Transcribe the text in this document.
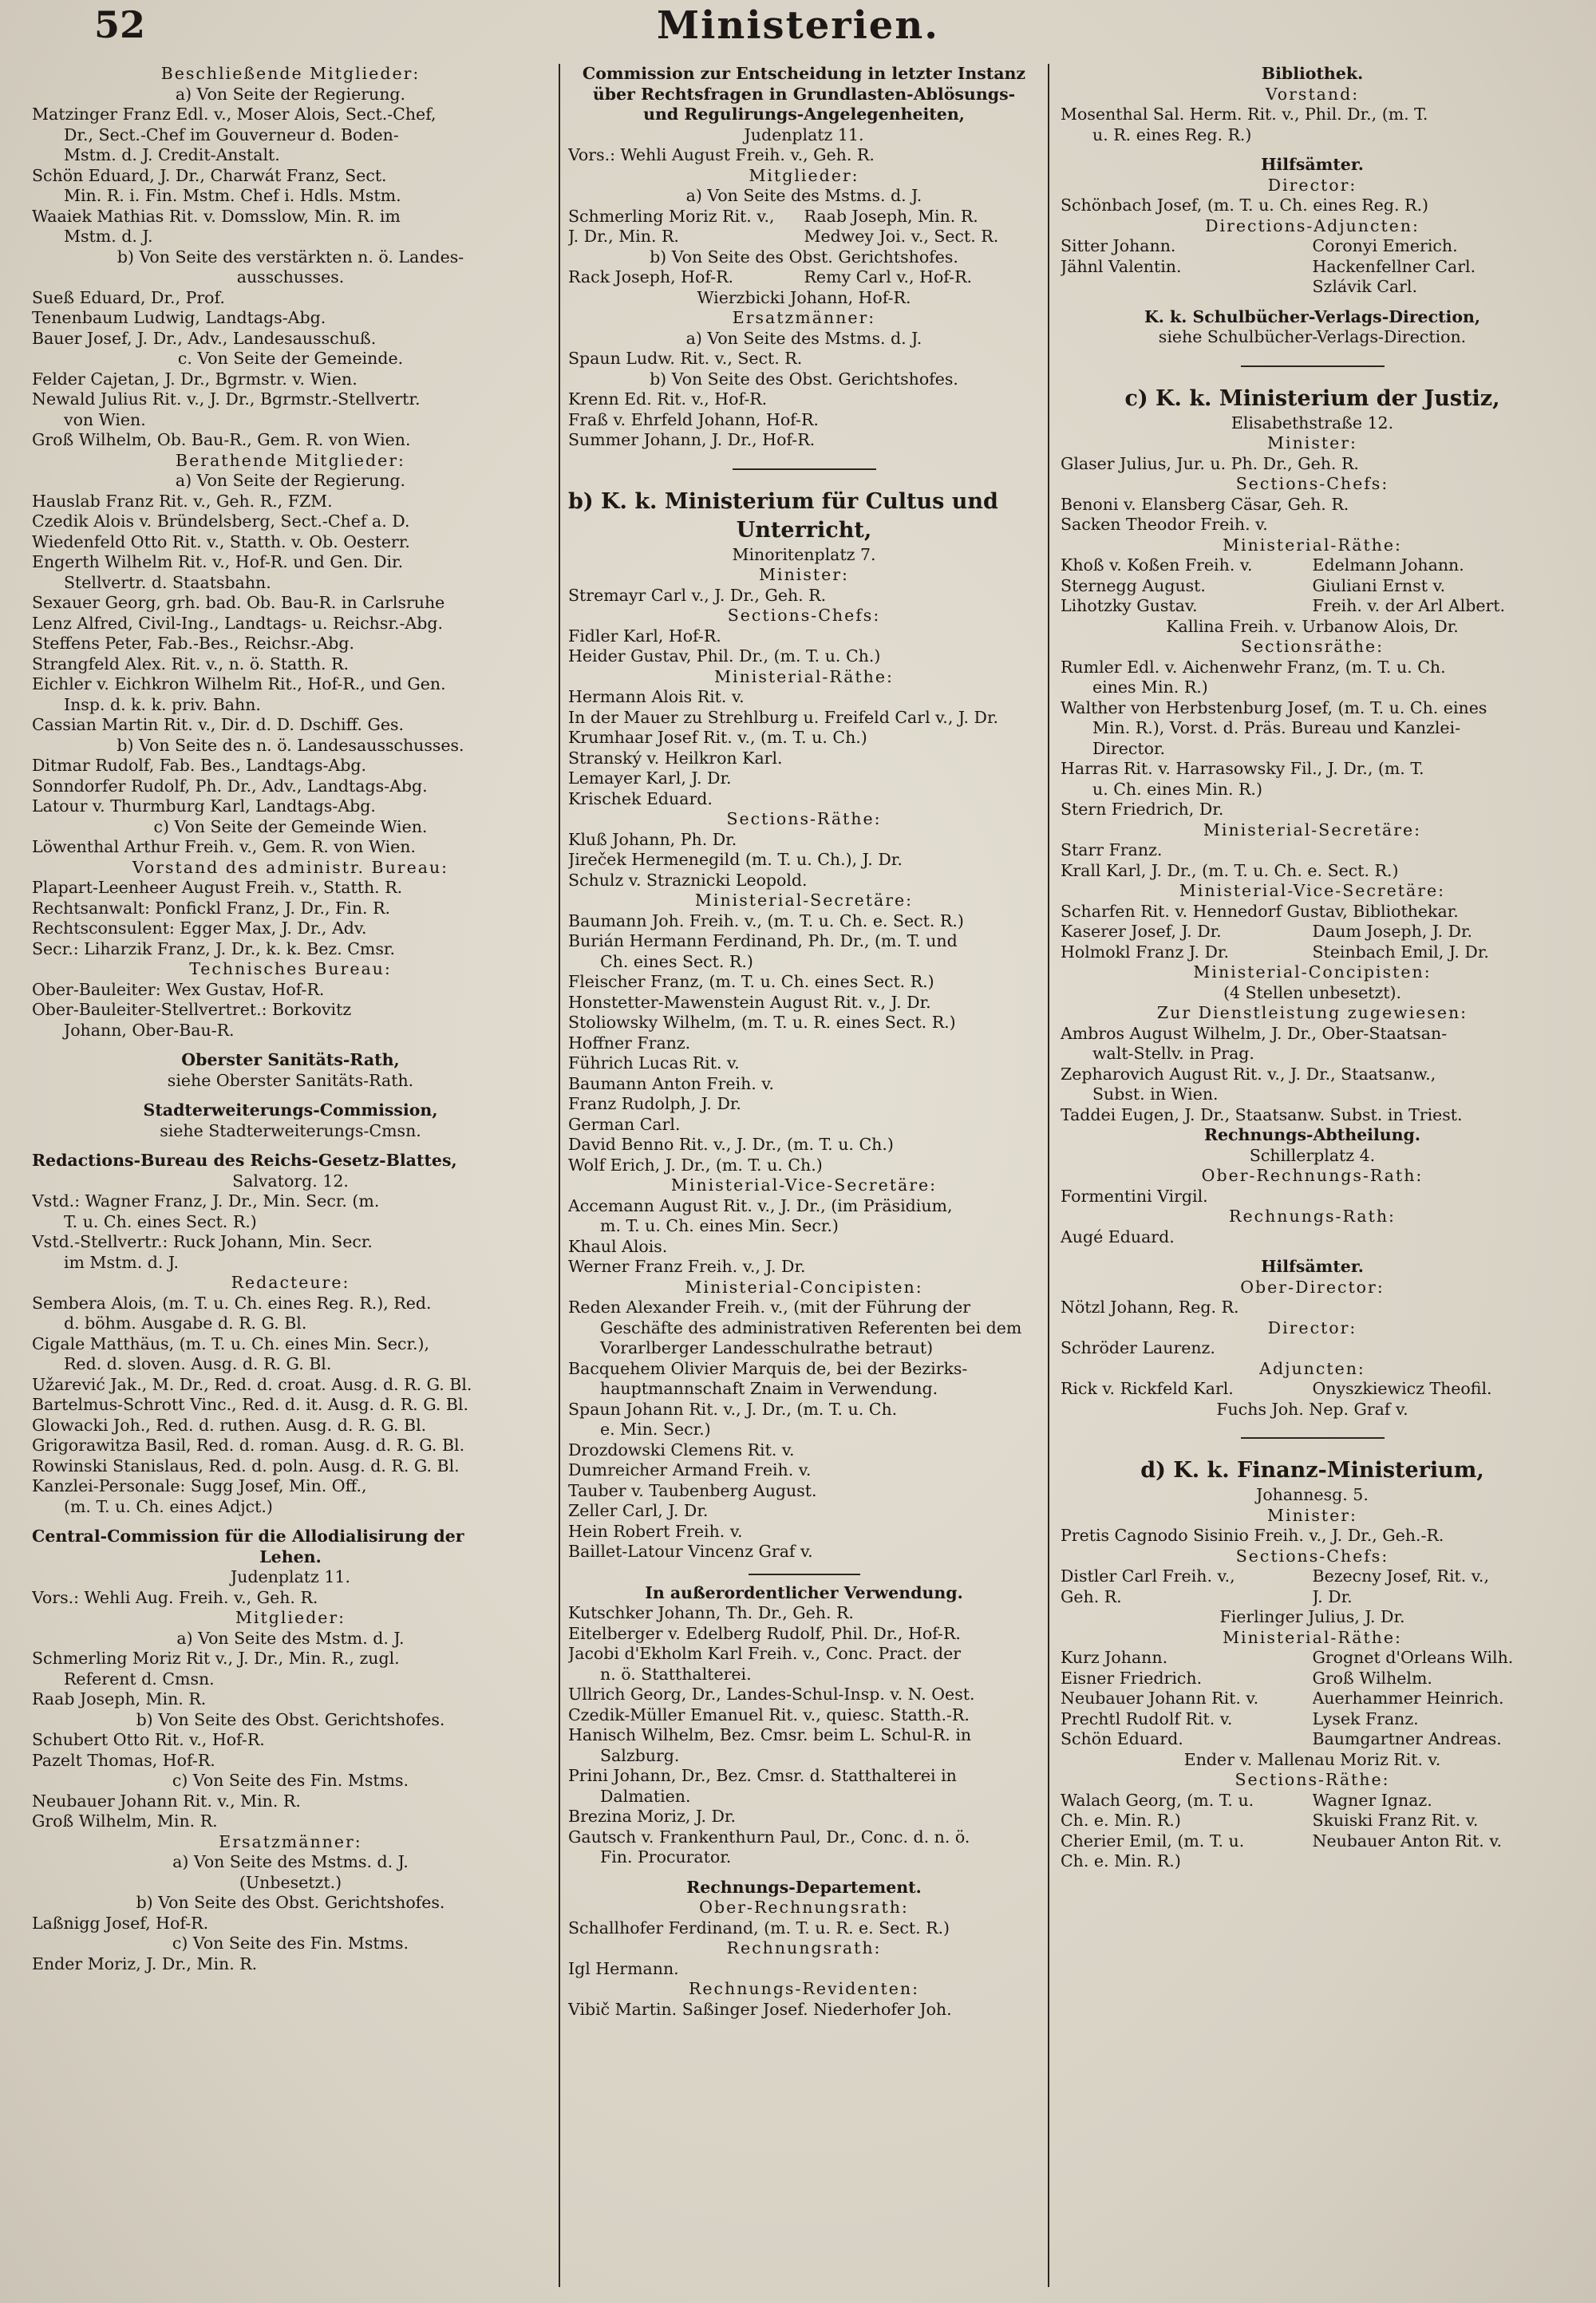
52	Ministerien.
Beschließende Mitglieder:
a) Von Seite der Regierung.
Matzinger Franz Edl. v., Moser Alois, Sect.-Chef,
Dr., Sect.-Chef im Gouverneur d. Boden-
Mstm. d. J. Credit-Anstalt.
Schön Eduard, J. Dr., Charwát Franz, Sect.
Min. R. i. Fin. Mstm. Chef i. Hdls. Mstm.
Waaiek Mathias Rit. v. Domsslow, Min. R. im
Mstm. d. J.
b) Von Seite des verstärkten n. ö. Landes-
ausschusses.
Sueß Eduard, Dr., Prof.
Tenenbaum Ludwig, Landtags-Abg.
Bauer Josef, J. Dr., Adv., Landesausschuß.
c. Von Seite der Gemeinde.
Felder Cajetan, J. Dr., Bgrmstr. v. Wien.
Newald Julius Rit. v., J. Dr., Bgrmstr.-Stellvertr.
von Wien.
Groß Wilhelm, Ob. Bau-R., Gem. R. von Wien.
Berathende Mitglieder:
a) Von Seite der Regierung.
Hauslab Franz Rit. v., Geh. R., FZM.
Czedik Alois v. Bründelsberg, Sect.-Chef a. D.
Wiedenfeld Otto Rit. v., Statth. v. Ob. Oesterr.
Engerth Wilhelm Rit. v., Hof-R. und Gen. Dir.
Stellvertr. d. Staatsbahn.
Sexauer Georg, grh. bad. Ob. Bau-R. in Carlsruhe
Lenz Alfred, Civil-Ing., Landtags- u. Reichsr.-Abg.
Steffens Peter, Fab.-Bes., Reichsr.-Abg.
Strangfeld Alex. Rit. v., n. ö. Statth. R.
Eichler v. Eichkron Wilhelm Rit., Hof-R., und Gen.
Insp. d. k. k. priv. Bahn.
Cassian Martin Rit. v., Dir. d. D. Dschiff. Ges.
b) Von Seite des n. ö. Landesausschusses.
Ditmar Rudolf, Fab. Bes., Landtags-Abg.
Sonndorfer Rudolf, Ph. Dr., Adv., Landtags-Abg.
Latour v. Thurmburg Karl, Landtags-Abg.
c) Von Seite der Gemeinde Wien.
Löwenthal Arthur Freih. v., Gem. R. von Wien.
Vorstand des administr. Bureau:
Plapart-Leenheer August Freih. v., Statth. R.
Rechtsanwalt: Ponfickl Franz, J. Dr., Fin. R.
Rechtsconsulent: Egger Max, J. Dr., Adv.
Secr.: Liharzik Franz, J. Dr., k. k. Bez. Cmsr.
Technisches Bureau:
Ober-Bauleiter: Wex Gustav, Hof-R.
Ober-Bauleiter-Stellvertret.: Borkovitz
Johann, Ober-Bau-R.
Oberster Sanitäts-Rath,
siehe Oberster Sanitäts-Rath.
Stadterweiterungs-Commission,
siehe Stadterweiterungs-Cmsn.
Redactions-Bureau des Reichs-Gesetz-Blattes,
Salvatorg. 12.
Vstd.: Wagner Franz, J. Dr., Min. Secr. (m.
T. u. Ch. eines Sect. R.)
Vstd.-Stellvertr.: Ruck Johann, Min. Secr.
im Mstm. d. J.
Redacteure:
Sembera Alois, (m. T. u. Ch. eines Reg. R.), Red.
d. böhm. Ausgabe d. R. G. Bl.
Cigale Matthäus, (m. T. u. Ch. eines Min. Secr.),
Red. d. sloven. Ausg. d. R. G. Bl.
Užarević Jak., M. Dr., Red. d. croat. Ausg. d. R. G. Bl.
Bartelmus-Schrott Vinc., Red. d. it. Ausg. d. R. G. Bl.
Glowacki Joh., Red. d. ruthen. Ausg. d. R. G. Bl.
Grigorawitza Basil, Red. d. roman. Ausg. d. R. G. Bl.
Rowinski Stanislaus, Red. d. poln. Ausg. d. R. G. Bl.
Kanzlei-Personale: Sugg Josef, Min. Off.,
(m. T. u. Ch. eines Adjct.)
Central-Commission für die Allodialisirung der
Lehen.
Judenplatz 11.
Vors.: Wehli Aug. Freih. v., Geh. R.
Mitglieder:
a) Von Seite des Mstm. d. J.
Schmerling Moriz Rit v., J. Dr., Min. R., zugl.
Referent d. Cmsn.
Raab Joseph, Min. R.
b) Von Seite des Obst. Gerichtshofes.
Schubert Otto Rit. v., Hof-R.
Pazelt Thomas, Hof-R.
c) Von Seite des Fin. Mstms.
Neubauer Johann Rit. v., Min. R.
Groß Wilhelm, Min. R.
Ersatzmänner:
a) Von Seite des Mstms. d. J.
(Unbesetzt.)
b) Von Seite des Obst. Gerichtshofes.
Laßnigg Josef, Hof-R.
c) Von Seite des Fin. Mstms.
Ender Moriz, J. Dr., Min. R.
Commission zur Entscheidung in letzter Instanz
über Rechtsfragen in Grundlasten-Ablösungs-
und Regulirungs-Angelegenheiten,
Judenplatz 11.
Vors.: Wehli August Freih. v., Geh. R.
Mitglieder:
a) Von Seite des Mstms. d. J.
Schmerling Moriz Rit. v.,	Raab Joseph, Min. R.
J. Dr., Min. R.	Medwey Joi. v., Sect. R.
b) Von Seite des Obst. Gerichtshofes.
Rack Joseph, Hof-R.	Remy Carl v., Hof-R.
Wierzbicki Johann, Hof-R.
Ersatzmänner:
a) Von Seite des Mstms. d. J.
Spaun Ludw. Rit. v., Sect. R.
b) Von Seite des Obst. Gerichtshofes.
Krenn Ed. Rit. v., Hof-R.
Fraß v. Ehrfeld Johann, Hof-R.
Summer Johann, J. Dr., Hof-R.
b) K. k. Ministerium für Cultus und
Unterricht,
Minoritenplatz 7.
Minister:
Stremayr Carl v., J. Dr., Geh. R.
Sections-Chefs:
Fidler Karl, Hof-R.
Heider Gustav, Phil. Dr., (m. T. u. Ch.)
Ministerial-Räthe:
Hermann Alois Rit. v.
In der Mauer zu Strehlburg u. Freifeld Carl v., J. Dr.
Krumhaar Josef Rit. v., (m. T. u. Ch.)
Stranský v. Heilkron Karl.
Lemayer Karl, J. Dr.
Krischek Eduard.
Sections-Räthe:
Kluß Johann, Ph. Dr.
Jireček Hermenegild (m. T. u. Ch.), J. Dr.
Schulz v. Straznicki Leopold.
Ministerial-Secretäre:
Baumann Joh. Freih. v., (m. T. u. Ch. e. Sect. R.)
Burián Hermann Ferdinand, Ph. Dr., (m. T. und
Ch. eines Sect. R.)
Fleischer Franz, (m. T. u. Ch. eines Sect. R.)
Honstetter-Mawenstein August Rit. v., J. Dr.
Stoliowsky Wilhelm, (m. T. u. R. eines Sect. R.)
Hoffner Franz.
Führich Lucas Rit. v.
Baumann Anton Freih. v.
Franz Rudolph, J. Dr.
German Carl.
David Benno Rit. v., J. Dr., (m. T. u. Ch.)
Wolf Erich, J. Dr., (m. T. u. Ch.)
Ministerial-Vice-Secretäre:
Accemann August Rit. v., J. Dr., (im Präsidium,
m. T. u. Ch. eines Min. Secr.)
Khaul Alois.
Werner Franz Freih. v., J. Dr.
Ministerial-Concipisten:
Reden Alexander Freih. v., (mit der Führung der
Geschäfte des administrativen Referenten bei dem
Vorarlberger Landesschulrathe betraut)
Bacquehem Olivier Marquis de, bei der Bezirks-
hauptmannschaft Znaim in Verwendung.
Spaun Johann Rit. v., J. Dr., (m. T. u. Ch.
e. Min. Secr.)
Drozdowski Clemens Rit. v.
Dumreicher Armand Freih. v.
Tauber v. Taubenberg August.
Zeller Carl, J. Dr.
Hein Robert Freih. v.
Baillet-Latour Vincenz Graf v.
In außerordentlicher Verwendung.
Kutschker Johann, Th. Dr., Geh. R.
Eitelberger v. Edelberg Rudolf, Phil. Dr., Hof-R.
Jacobi d'Ekholm Karl Freih. v., Conc. Pract. der
n. ö. Statthalterei.
Ullrich Georg, Dr., Landes-Schul-Insp. v. N. Oest.
Czedik-Müller Emanuel Rit. v., quiesc. Statth.-R.
Hanisch Wilhelm, Bez. Cmsr. beim L. Schul-R. in
Salzburg.
Prini Johann, Dr., Bez. Cmsr. d. Statthalterei in
Dalmatien.
Brezina Moriz, J. Dr.
Gautsch v. Frankenthurn Paul, Dr., Conc. d. n. ö.
Fin. Procurator.
Rechnungs-Departement.
Ober-Rechnungsrath:
Schallhofer Ferdinand, (m. T. u. R. e. Sect. R.)
Rechnungsrath:
Igl Hermann.
Rechnungs-Revidenten:
Vibič Martin. Saßinger Josef. Niederhofer Joh.
Bibliothek.
Vorstand:
Mosenthal Sal. Herm. Rit. v., Phil. Dr., (m. T.
u. R. eines Reg. R.)
Hilfsämter.
Director:
Schönbach Josef, (m. T. u. Ch. eines Reg. R.)
Directions-Adjuncten:
Sitter Johann.	Coronyi Emerich.
Jähnl Valentin.	Hackenfellner Carl.
Szlávik Carl.
K. k. Schulbücher-Verlags-Direction,
siehe Schulbücher-Verlags-Direction.
c) K. k. Ministerium der Justiz,
Elisabethstraße 12.
Minister:
Glaser Julius, Jur. u. Ph. Dr., Geh. R.
Sections-Chefs:
Benoni v. Elansberg Cäsar, Geh. R.
Sacken Theodor Freih. v.
Ministerial-Räthe:
Khoß v. Koßen Freih. v.	Edelmann Johann.
Sternegg August.	Giuliani Ernst v.
Lihotzky Gustav.	Freih. v. der Arl Albert.
Kallina Freih. v. Urbanow Alois, Dr.
Sectionsräthe:
Rumler Edl. v. Aichenwehr Franz, (m. T. u. Ch.
eines Min. R.)
Walther von Herbstenburg Josef, (m. T. u. Ch. eines
Min. R.), Vorst. d. Präs. Bureau und Kanzlei-
Director.
Harras Rit. v. Harrasowsky Fil., J. Dr., (m. T.
u. Ch. eines Min. R.)
Stern Friedrich, Dr.
Ministerial-Secretäre:
Starr Franz.
Krall Karl, J. Dr., (m. T. u. Ch. e. Sect. R.)
Ministerial-Vice-Secretäre:
Scharfen Rit. v. Hennedorf Gustav, Bibliothekar.
Kaserer Josef, J. Dr.	Daum Joseph, J. Dr.
Holmokl Franz J. Dr.	Steinbach Emil, J. Dr.
Ministerial-Concipisten:
(4 Stellen unbesetzt).
Zur Dienstleistung zugewiesen:
Ambros August Wilhelm, J. Dr., Ober-Staatsan-
walt-Stellv. in Prag.
Zepharovich August Rit. v., J. Dr., Staatsanw.,
Subst. in Wien.
Taddei Eugen, J. Dr., Staatsanw. Subst. in Triest.
Rechnungs-Abtheilung.
Schillerplatz 4.
Ober-Rechnungs-Rath:
Formentini Virgil.
Rechnungs-Rath:
Augé Eduard.
Hilfsämter.
Ober-Director:
Nötzl Johann, Reg. R.
Director:
Schröder Laurenz.
Adjuncten:
Rick v. Rickfeld Karl.	Onyszkiewicz Theofil.
Fuchs Joh. Nep. Graf v.
d) K. k. Finanz-Ministerium,
Johannesg. 5.
Minister:
Pretis Cagnodo Sisinio Freih. v., J. Dr., Geh.-R.
Sections-Chefs:
Distler Carl Freih. v.,	Bezecny Josef, Rit. v.,
Geh. R.	J. Dr.
Fierlinger Julius, J. Dr.
Ministerial-Räthe:
Kurz Johann.	Grognet d'Orleans Wilh.
Eisner Friedrich.	Groß Wilhelm.
Neubauer Johann Rit. v.	Auerhammer Heinrich.
Prechtl Rudolf Rit. v.	Lysek Franz.
Schön Eduard.	Baumgartner Andreas.
Ender v. Mallenau Moriz Rit. v.
Sections-Räthe:
Walach Georg, (m. T. u.	Wagner Ignaz.
Ch. e. Min. R.)	Skuiski Franz Rit. v.
Cherier Emil, (m. T. u.	Neubauer Anton Rit. v.
Ch. e. Min. R.)
